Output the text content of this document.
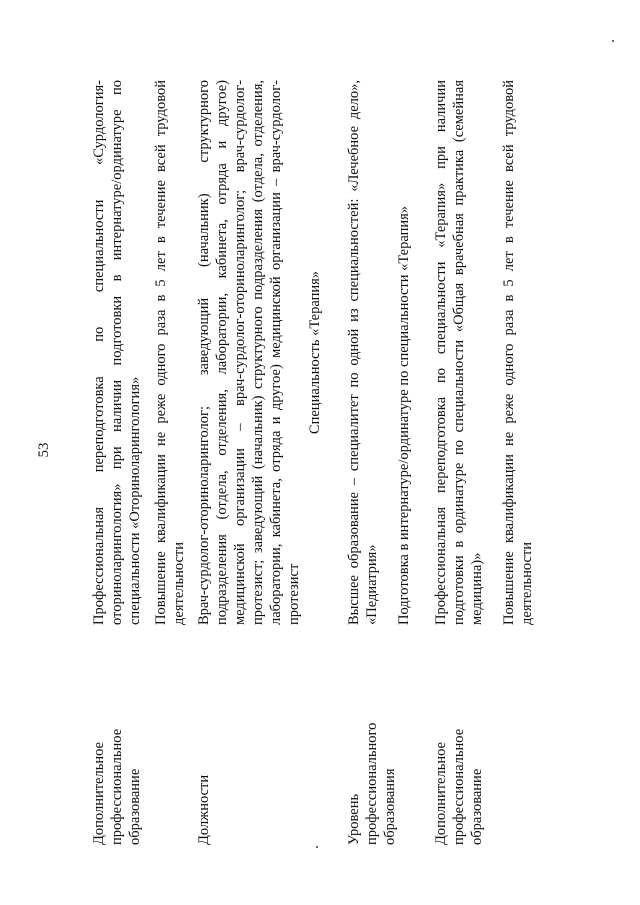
53
Дополнительное профессиональное образование

Профессиональная переподготовка по специальности «Сурдология-оториноларингология» при наличии подготовки в интернатуре/ординатуре по специальности «Оториноларингология» Повышение квалификации не реже одного раза в 5 лет в течение всей трудовой деятельности

Должности

Врач-сурдолог-оториноларинголог; заведующий (начальник) структурного подразделения (отдела, отделения, лаборатории, кабинета, отряда и другое) медицинской организации – врач-сурдолог-оториноларинголог; врач-сурдолог-протезист; заведующий (начальник) структурного подразделения (отдела, отделения, лаборатории, кабинета, отряда и другое) медицинской организации – врач-сурдолог-протезист

Специальность «Терапия»
Уровень профессионального образования

Высшее образование – специалитет по одной из специальностей: «Лечебное дело», «Педиатрия» Подготовка в интернатуре/ординатуре по специальности «Терапия»

Дополнительное профессиональное образование

Профессиональная переподготовка по специальности «Терапия» при наличии подготовки в ординатуре по специальности «Общая врачебная практика (семейная медицина)» Повышение квалификации не реже одного раза в 5 лет в течение всей трудовой деятельности
